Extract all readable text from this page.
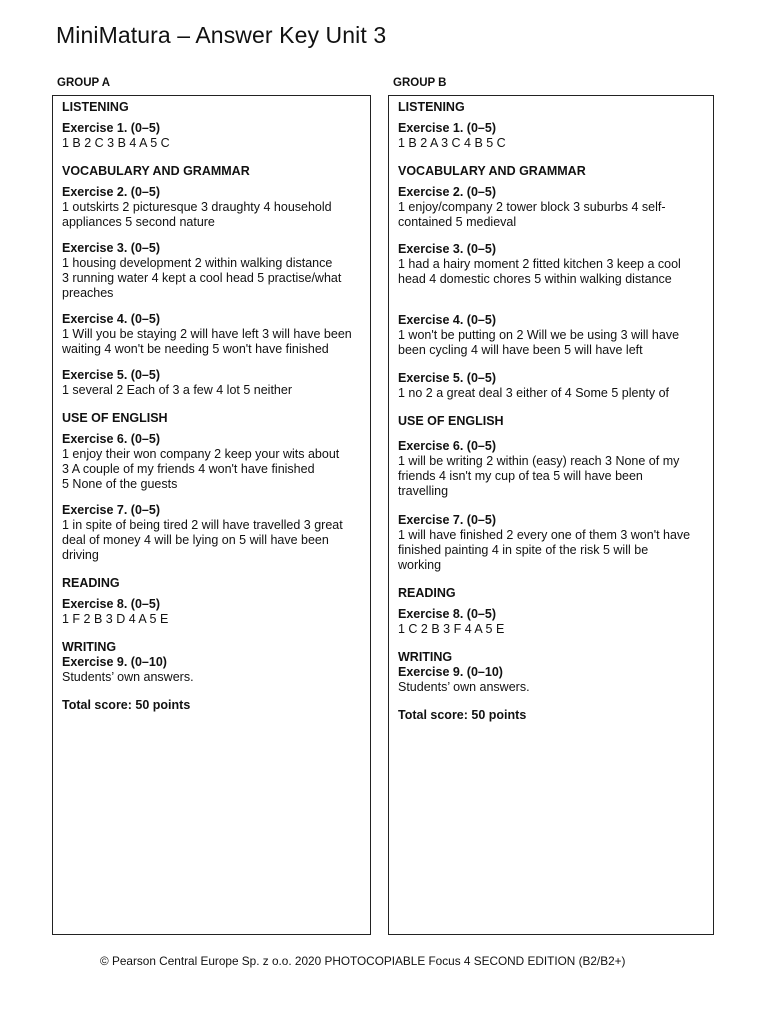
MiniMatura – Answer Key Unit 3
GROUP A	GROUP B
LISTENING
Exercise 1. (0–5)
1 B 2 C 3 B 4 A 5 C
VOCABULARY AND GRAMMAR
Exercise 2. (0–5)
1 outskirts 2 picturesque 3 draughty 4 household
appliances 5 second nature
Exercise 3. (0–5)
1 housing development 2 within walking distance
3 running water 4 kept a cool head 5 practise/what
preaches
Exercise 4. (0–5)
1 Will you be staying 2 will have left 3 will have been
waiting 4 won't be needing 5 won't have finished
Exercise 5. (0–5)
1 several 2 Each of 3 a few 4 lot 5 neither
USE OF ENGLISH
Exercise 6. (0–5)
1 enjoy their won company 2 keep your wits about
3 A couple of my friends 4 won't have finished
5 None of the guests
Exercise 7. (0–5)
1 in spite of being tired 2 will have travelled 3 great
deal of money 4 will be lying on 5 will have been
driving
READING
Exercise 8. (0–5)
1 F 2 B 3 D 4 A 5 E
WRITING
Exercise 9. (0–10)
Students’ own answers.
Total score: 50 points
LISTENING
Exercise 1. (0–5)
1 B 2 A 3 C 4 B 5 C
VOCABULARY AND GRAMMAR
Exercise 2. (0–5)
1 enjoy/company 2 tower block 3 suburbs 4 self-
contained 5 medieval
Exercise 3. (0–5)
1 had a hairy moment 2 fitted kitchen 3 keep a cool
head 4 domestic chores 5 within walking distance
Exercise 4. (0–5)
1 won't be putting on 2 Will we be using 3 will have
been cycling 4 will have been 5 will have left
Exercise 5. (0–5)
1 no 2 a great deal 3 either of 4 Some 5 plenty of
USE OF ENGLISH
Exercise 6. (0–5)
1 will be writing 2 within (easy) reach 3 None of my
friends 4 isn't my cup of tea 5 will have been
travelling
Exercise 7. (0–5)
1 will have finished 2 every one of them 3 won't have
finished painting 4 in spite of the risk 5 will be
working
READING
Exercise 8. (0–5)
1 C 2 B 3 F 4 A 5 E
WRITING
Exercise 9. (0–10)
Students’ own answers.
Total score: 50 points
© Pearson Central Europe Sp. z o.o. 2020 PHOTOCOPIABLE Focus 4 SECOND EDITION (B2/B2+)
